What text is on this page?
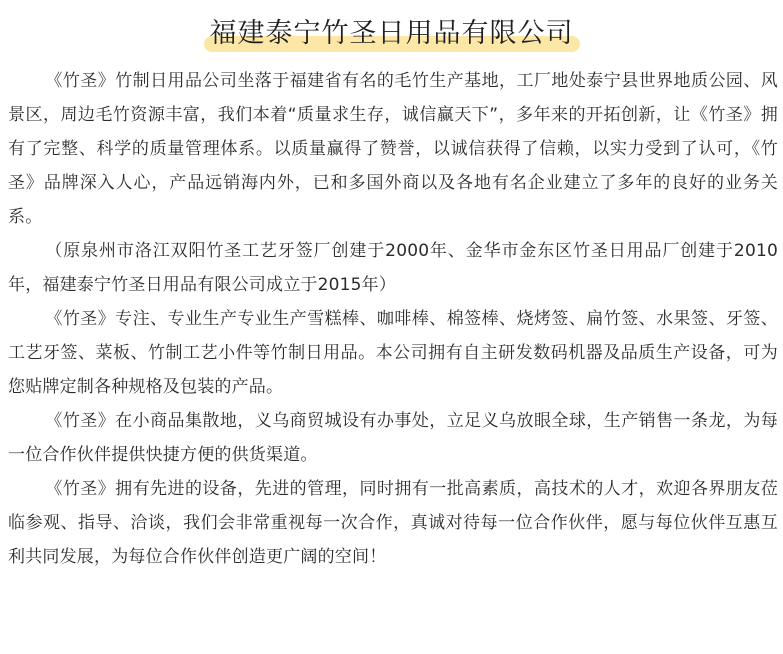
福建泰宁竹圣日用品有限公司

《竹圣》竹制日用品公司坐落于福建省有名的毛竹生产基地，工厂地处泰宁县世界地质公园、风景区，周边毛竹资源丰富，我们本着“质量求生存，诚信赢天下”，多年来的开拓创新，让《竹圣》拥有了完整、科学的质量管理体系。以质量赢得了赞誉，以诚信获得了信赖，以实力受到了认可，《竹圣》品牌深入人心，产品远销海内外，已和多国外商以及各地有名企业建立了多年的良好的业务关系。

（原泉州市洛江双阳竹圣工艺牙签厂创建于2000年、金华市金东区竹圣日用品厂创建于2010年，福建泰宁竹圣日用品有限公司成立于2015年）

《竹圣》专注、专业生产专业生产雪糕棒、咖啡棒、棉签棒、烧烤签、扁竹签、水果签、牙签、工艺牙签、菜板、竹制工艺小件等竹制日用品。本公司拥有自主研发数码机器及品质生产设备，可为您贴牌定制各种规格及包装的产品。

《竹圣》在小商品集散地，义乌商贸城设有办事处，立足义乌放眼全球，生产销售一条龙，为每一位合作伙伴提供快捷方便的供货渠道。

《竹圣》拥有先进的设备，先进的管理，同时拥有一批高素质，高技术的人才，欢迎各界朋友莅临参观、指导、洽谈，我们会非常重视每一次合作，真诚对待每一位合作伙伴，愿与每位伙伴互惠互利共同发展，为每位合作伙伴创造更广阔的空间！
